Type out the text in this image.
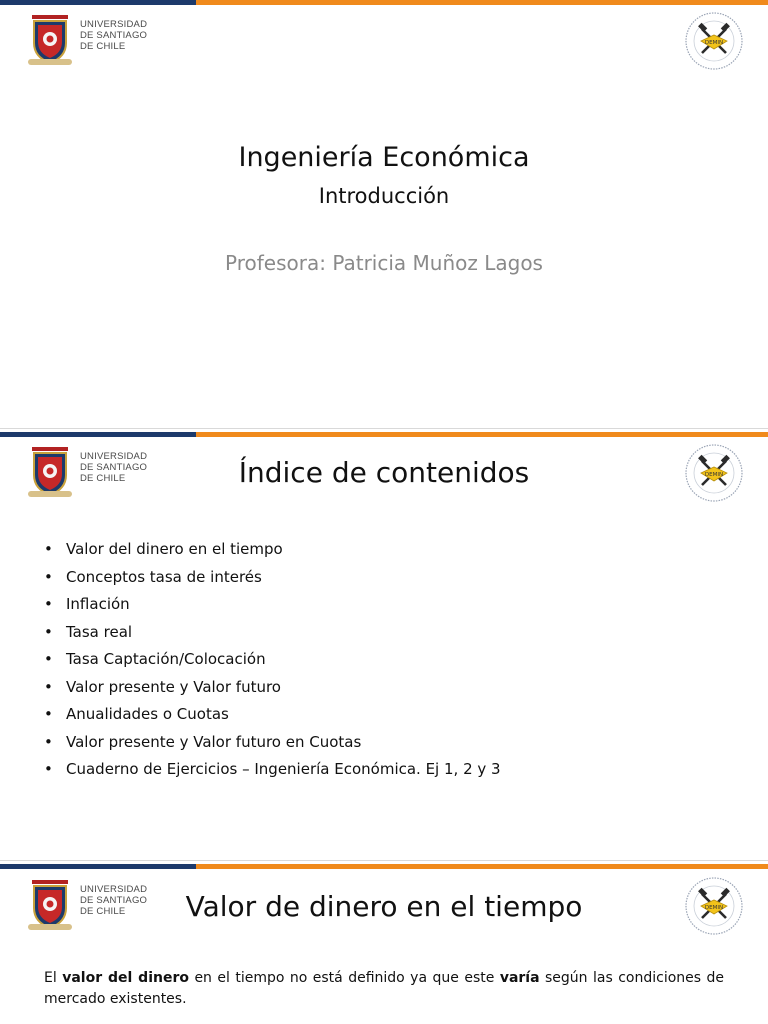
UNIVERSIDAD
DE SANTIAGO
DE CHILE	DEMIN
Ingeniería Económica
Introducción
Profesora: Patricia Muñoz Lagos
UNIVERSIDAD
DE SANTIAGO
DE CHILE	DEMIN
Índice de contenidos
• Valor del dinero en el tiempo
• Conceptos tasa de interés
• Inflación
• Tasa real
• Tasa Captación/Colocación
• Valor presente y Valor futuro
• Anualidades o Cuotas
• Valor presente y Valor futuro en Cuotas
• Cuaderno de Ejercicios – Ingeniería Económica. Ej 1, 2 y 3
UNIVERSIDAD
DE SANTIAGO
DE CHILE	DEMIN
Valor de dinero en el tiempo
El valor del dinero en el tiempo no está definido ya que este varía según las condiciones de mercado existentes.
